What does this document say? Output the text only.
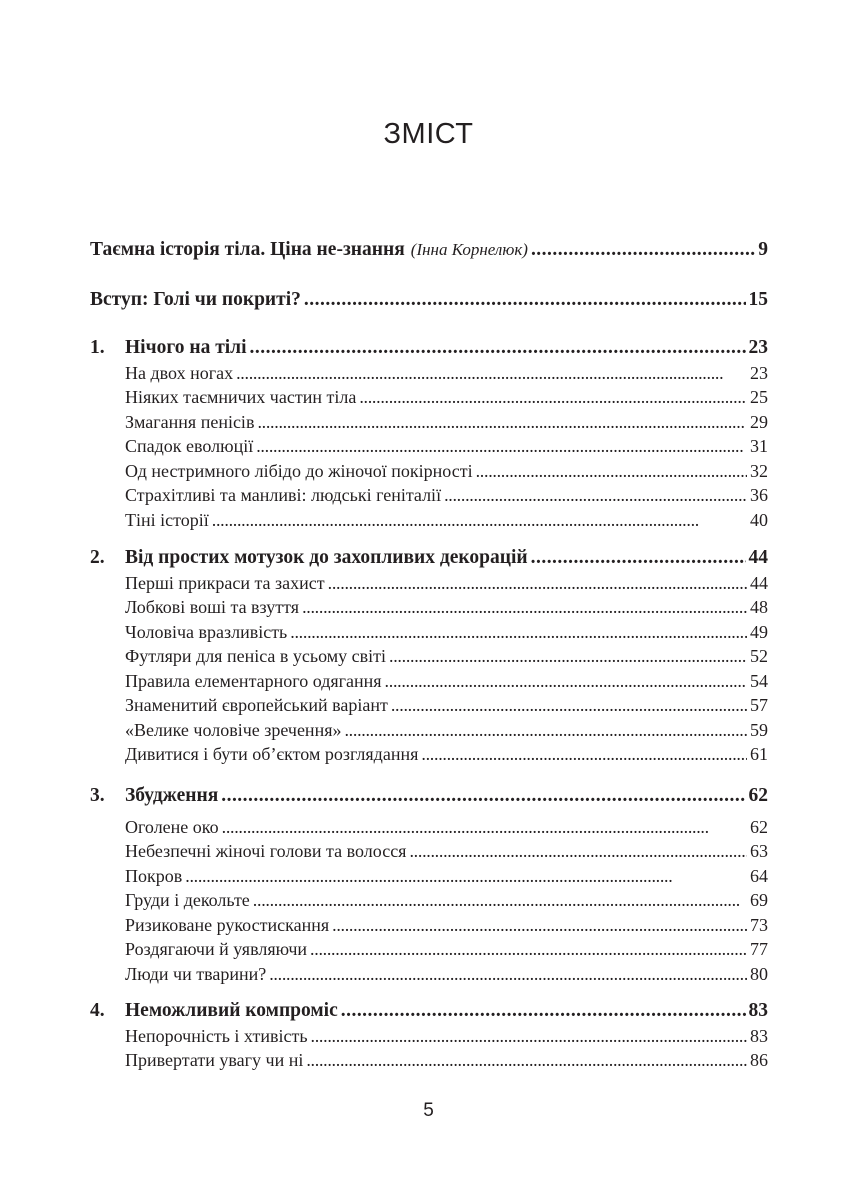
ЗМІСТ
Таємна історія тіла. Ціна не-знання (Інна Корнелюк) . . .	9
Вступ: Голі чи покриті? . . .	15
1.	Нічого на тілі . . .	23
На двох ногах . . .	23
Ніяких таємничих частин тіла . . .	25
Змагання пенісів . . .	29
Спадок еволюції . . .	31
Од нестримного лібідо до жіночої покірності . . .	32
Страхітливі та манливі: людські геніталії . . .	36
Тіні історії . . .	40
2.	Від простих мотузок до захопливих декорацій . . .	44
Перші прикраси та захист . . .	44
Лобкові воші та взуття . . .	48
Чоловіча вразливість . . .	49
Футляри для пеніса в усьому світі . . .	52
Правила елементарного одягання . . .	54
Знаменитий європейський варіант . . .	57
«Велике чоловіче зречення» . . .	59
Дивитися і бути об’єктом розглядання . . .	61
3.	Збудження . . .	62
Оголене око . . .	62
Небезпечні жіночі голови та волосся . . .	63
Покров . . .	64
Груди і декольте . . .	69
Ризиковане рукостискання . . .	73
Роздягаючи й уявляючи . . .	77
Люди чи тварини? . . .	80
4.	Неможливий компроміс . . .	83
Непорочність і хтивість . . .	83
Привертати увагу чи ні . . .	86
5
